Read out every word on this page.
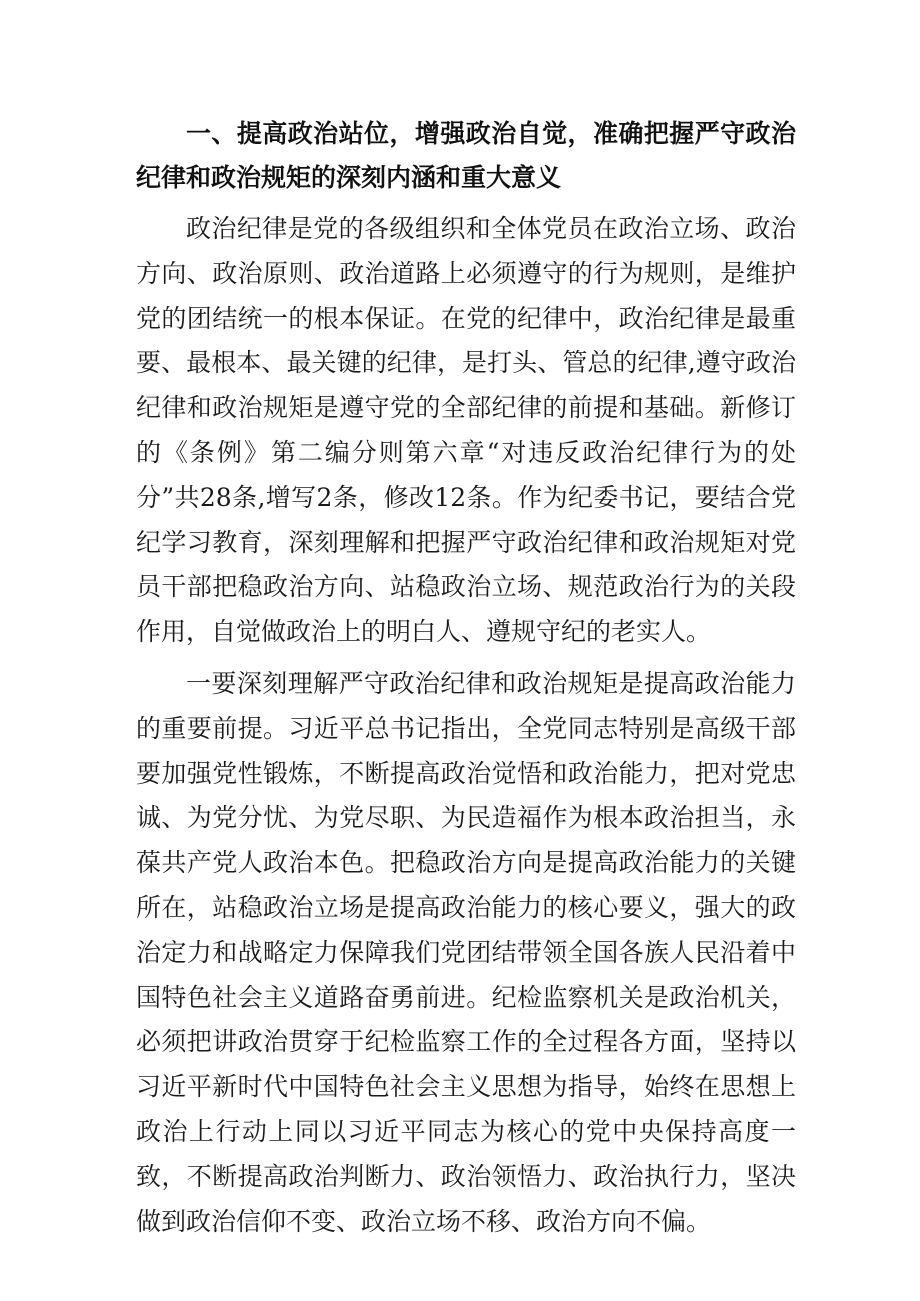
一、提高政治站位，增强政治自觉，准确把握严守政治纪律和政治规矩的深刻内涵和重大意义

政治纪律是党的各级组织和全体党员在政治立场、政治方向、政治原则、政治道路上必须遵守的行为规则，是维护党的团结统一的根本保证。在党的纪律中，政治纪律是最重要、最根本、最关键的纪律，是打头、管总的纪律,遵守政治纪律和政治规矩是遵守党的全部纪律的前提和基础。新修订的《条例》第二编分则第六章“对违反政治纪律行为的处分”共28条,增写2条，修改12条。作为纪委书记，要结合党纪学习教育，深刻理解和把握严守政治纪律和政治规矩对党员干部把稳政治方向、站稳政治立场、规范政治行为的关段作用，自觉做政治上的明白人、遵规守纪的老实人。

一要深刻理解严守政治纪律和政治规矩是提高政治能力的重要前提。习近平总书记指出，全党同志特别是高级干部要加强党性锻炼，不断提高政治觉悟和政治能力，把对党忠诚、为党分忧、为党尽职、为民造福作为根本政治担当，永葆共产党人政治本色。把稳政治方向是提高政治能力的关键所在，站稳政治立场是提高政治能力的核心要义，强大的政治定力和战略定力保障我们党团结带领全国各族人民沿着中国特色社会主义道路奋勇前进。纪检监察机关是政治机关，必须把讲政治贯穿于纪检监察工作的全过程各方面，坚持以习近平新时代中国特色社会主义思想为指导，始终在思想上政治上行动上同以习近平同志为核心的党中央保持高度一致，不断提高政治判断力、政治领悟力、政治执行力，坚决做到政治信仰不变、政治立场不移、政治方向不偏。
